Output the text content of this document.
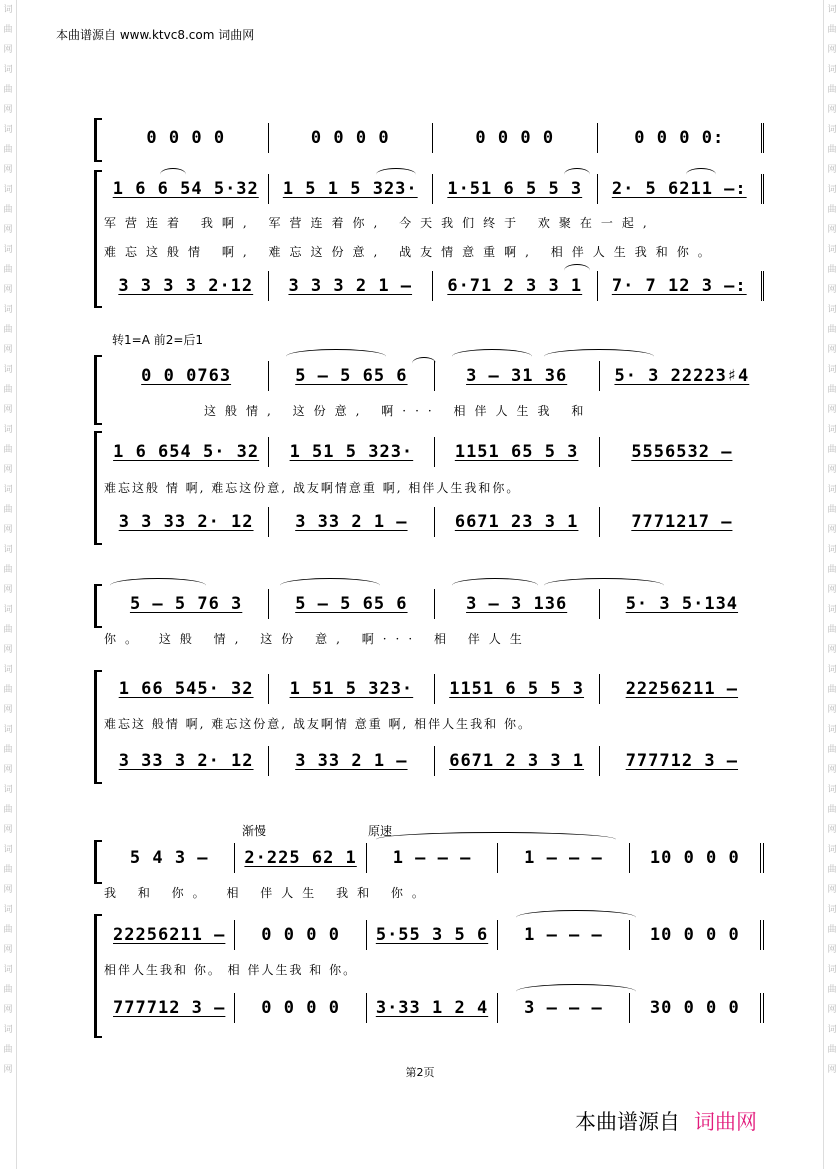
词曲网词曲网词曲网词曲网词曲网词曲网词曲网词曲网词曲网词曲网词曲网词曲网词曲网词曲网词曲网词曲网词曲网词曲网
词曲网词曲网词曲网词曲网词曲网词曲网词曲网词曲网词曲网词曲网词曲网词曲网词曲网词曲网词曲网词曲网词曲网词曲网
本曲谱源自 www.ktvc8.com 词曲网
0 0 0 0	0 0 0 0	0 0 0 0	0 0 0 0:
1 6 6 54 5·32	1 5 1 5 323·	1·51 6 5 5 3	2· 5 6211 –:
军营连着 我啊, 军营连着你, 今天我们终于 欢聚在一起,
难忘这般情 啊, 难忘这份意, 战友情意重啊, 相伴人生我和你。
3 3 3 3 2·12	3 3 3 2 1 –	6·71 2 3 3 1	7· 7 12 3 –:
转1=A 前2=后1
0 0 0763	5 – 5 65 6	3 – 31 36	5· 3 22223♯4
这般情, 这份意, 啊··· 相伴人生我 和
1 6 654 5· 32	1 51 5 323·	1151 65 5 3	5556532 –
难忘这般 情 啊, 难忘这份意, 战友啊情意重 啊, 相伴人生我和你。
3 3 33 2· 12	3 33 2 1 –	6671 23 3 1	7771217 –
5 – 5 76 3	5 – 5 65 6	3 – 3 136	5· 3 5·134
你。 这般 情, 这份 意, 啊··· 相 伴人生
1 66 545· 32	1 51 5 323·	1151 6 5 5 3	22256211 –
难忘这 般情 啊, 难忘这份意, 战友啊情 意重 啊, 相伴人生我和 你。
3 33 3 2· 12	3 33 2 1 –	6671 2 3 3 1	777712 3 –
渐慢	原速
5 4 3 –	2·225 62 1	1 – – –	1 – – –	10 0 0 0
我 和 你。 相 伴人生 我和 你。
22256211 –	0 0 0 0	5·55 3 5 6	1 – – –	10 0 0 0
相伴人生我和 你。 相 伴人生我 和 你。
777712 3 –	0 0 0 0	3·33 1 2 4	3 – – –	30 0 0 0
第2页
本曲谱源自 词曲网
